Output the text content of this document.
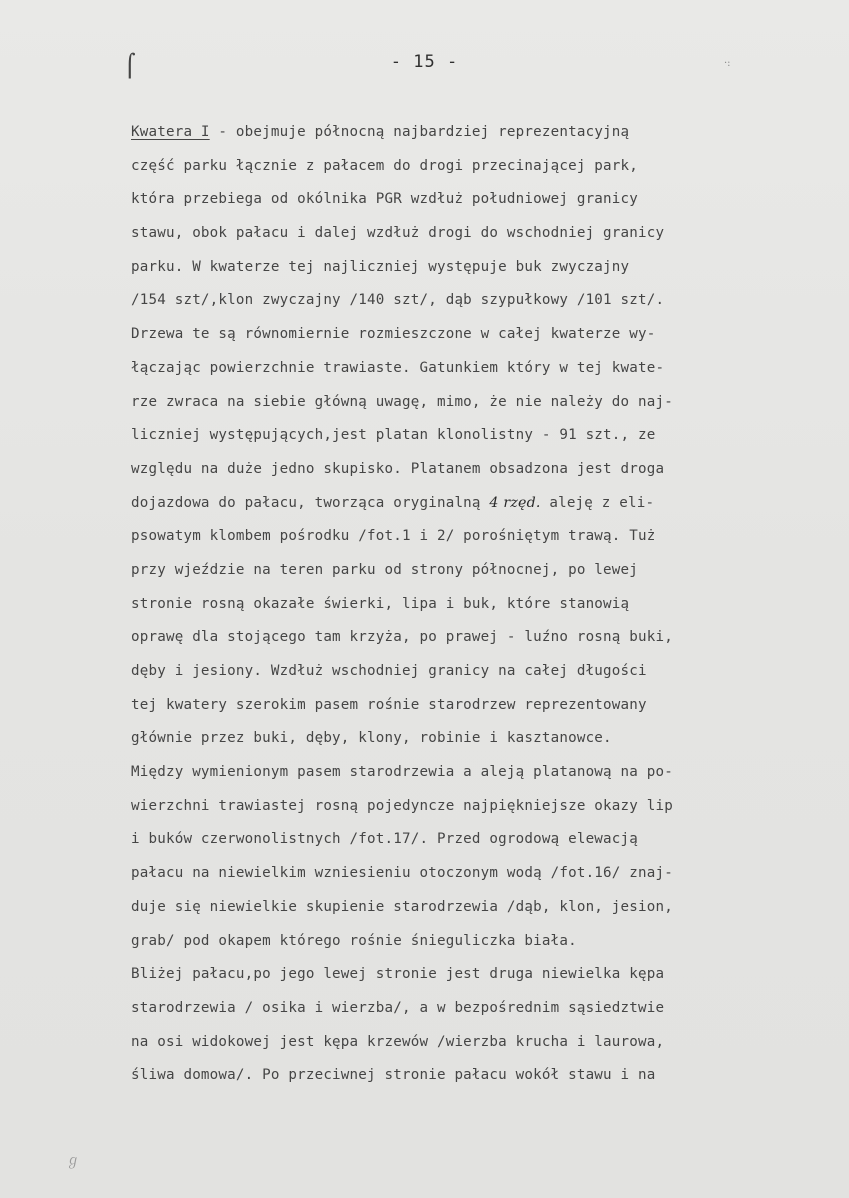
⌠	·:
- 15 -
Kwatera I - obejmuje północną najbardziej reprezentacyjną
część parku łącznie z pałacem do drogi przecinającej park,
która przebiega od okólnika PGR wzdłuż południowej granicy
stawu, obok pałacu i dalej wzdłuż drogi do wschodniej granicy
parku. W kwaterze tej najliczniej występuje buk zwyczajny
/154 szt/,klon zwyczajny /140 szt/, dąb szypułkowy /101 szt/.
Drzewa te są równomiernie rozmieszczone w całej kwaterze wy-
łączając powierzchnie trawiaste. Gatunkiem który w tej kwate-
rze zwraca na siebie główną uwagę, mimo, że nie należy do naj-
liczniej występujących,jest platan klonolistny - 91 szt., ze
względu na duże jedno skupisko. Platanem obsadzona jest droga
dojazdowa do pałacu, tworząca oryginalną 4 rzęd. aleję z eli-
psowatym klombem pośrodku /fot.1 i 2/ porośniętym trawą. Tuż
przy wjeździe na teren parku od strony północnej, po lewej
stronie rosną okazałe świerki, lipa i buk, które stanowią
oprawę dla stojącego tam krzyża, po prawej - luźno rosną buki,
dęby i jesiony. Wzdłuż wschodniej granicy na całej długości
tej kwatery szerokim pasem rośnie starodrzew reprezentowany
głównie przez buki, dęby, klony, robinie i kasztanowce.
Między wymienionym pasem starodrzewia a aleją platanową na po-
wierzchni trawiastej rosną pojedyncze najpiękniejsze okazy lip
i buków czerwonolistnych /fot.17/. Przed ogrodową elewacją
pałacu na niewielkim wzniesieniu otoczonym wodą /fot.16/ znaj-
duje się niewielkie skupienie starodrzewia /dąb, klon, jesion,
grab/ pod okapem którego rośnie śnieguliczka biała.
Bliżej pałacu,po jego lewej stronie jest druga niewielka kępa
starodrzewia / osika i wierzba/, a w bezpośrednim sąsiedztwie
na osi widokowej jest kępa krzewów /wierzba krucha i laurowa,
śliwa domowa/. Po przeciwnej stronie pałacu wokół stawu i na
ℊ
